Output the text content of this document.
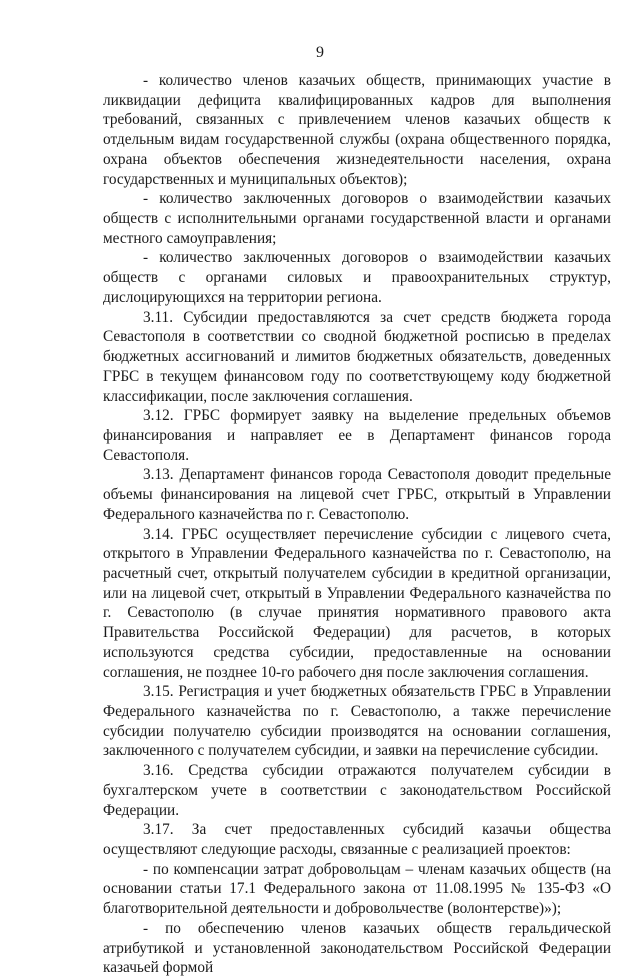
9

- количество членов казачьих обществ, принимающих участие в ликвидации дефицита квалифицированных кадров для выполнения требований, связанных с привлечением членов казачьих обществ к отдельным видам государственной службы (охрана общественного порядка, охрана объектов обеспечения жизнедеятельности населения, охрана государственных и муниципальных объектов);

- количество заключенных договоров о взаимодействии казачьих обществ с исполнительными органами государственной власти и органами местного самоуправления;

- количество заключенных договоров о взаимодействии казачьих обществ с органами силовых и правоохранительных структур, дислоцирующихся на территории региона.

3.11. Субсидии предоставляются за счет средств бюджета города Севастополя в соответствии со сводной бюджетной росписью в пределах бюджетных ассигнований и лимитов бюджетных обязательств, доведенных ГРБС в текущем финансовом году по соответствующему коду бюджетной классификации, после заключения соглашения.

3.12. ГРБС формирует заявку на выделение предельных объемов финансирования и направляет ее в Департамент финансов города Севастополя.

3.13. Департамент финансов города Севастополя доводит предельные объемы финансирования на лицевой счет ГРБС, открытый в Управлении Федерального казначейства по г. Севастополю.

3.14. ГРБС осуществляет перечисление субсидии с лицевого счета, открытого в Управлении Федерального казначейства по г. Севастополю, на расчетный счет, открытый получателем субсидии в кредитной организации, или на лицевой счет, открытый в Управлении Федерального казначейства по г. Севастополю (в случае принятия нормативного правового акта Правительства Российской Федерации) для расчетов, в которых используются средства субсидии, предоставленные на основании соглашения, не позднее 10-го рабочего дня после заключения соглашения.

3.15. Регистрация и учет бюджетных обязательств ГРБС в Управлении Федерального казначейства по г. Севастополю, а также перечисление субсидии получателю субсидии производятся на основании соглашения, заключенного с получателем субсидии, и заявки на перечисление субсидии.

3.16. Средства субсидии отражаются получателем субсидии в бухгалтерском учете в соответствии с законодательством Российской Федерации.

3.17. За счет предоставленных субсидий казачьи общества осуществляют следующие расходы, связанные с реализацией проектов:

- по компенсации затрат добровольцам – членам казачьих обществ (на основании статьи 17.1 Федерального закона от 11.08.1995 № 135-ФЗ «О благотворительной деятельности и добровольчестве (волонтерстве)»);

- по обеспечению членов казачьих обществ геральдической атрибутикой и установленной законодательством Российской Федерации казачьей формой
